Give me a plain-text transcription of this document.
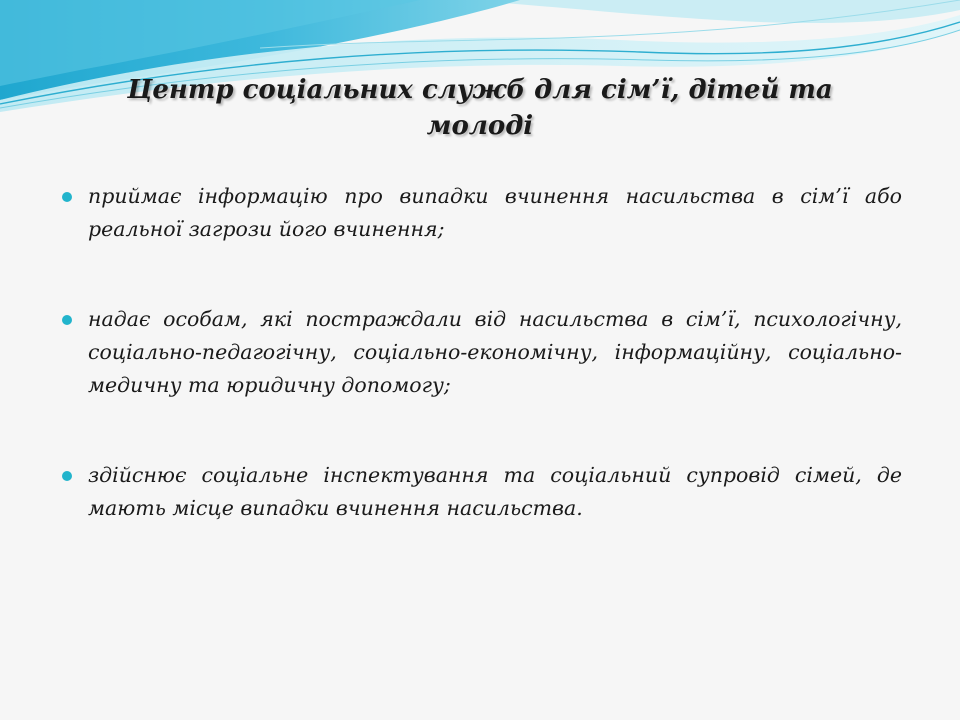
Центр соціальних служб для сім’ї, дітей та молоді
приймає інформацію про випадки вчинення насильства в сім’ї або реальної загрози його вчинення;
надає особам, які постраждали від насильства в сім’ї, психологічну, соціально-педагогічну, соціально-економічну, інформаційну, соціально-медичну та юридичну допомогу;
здійснює соціальне інспектування та соціальний супровід сімей, де мають місце випадки вчинення насильства.
